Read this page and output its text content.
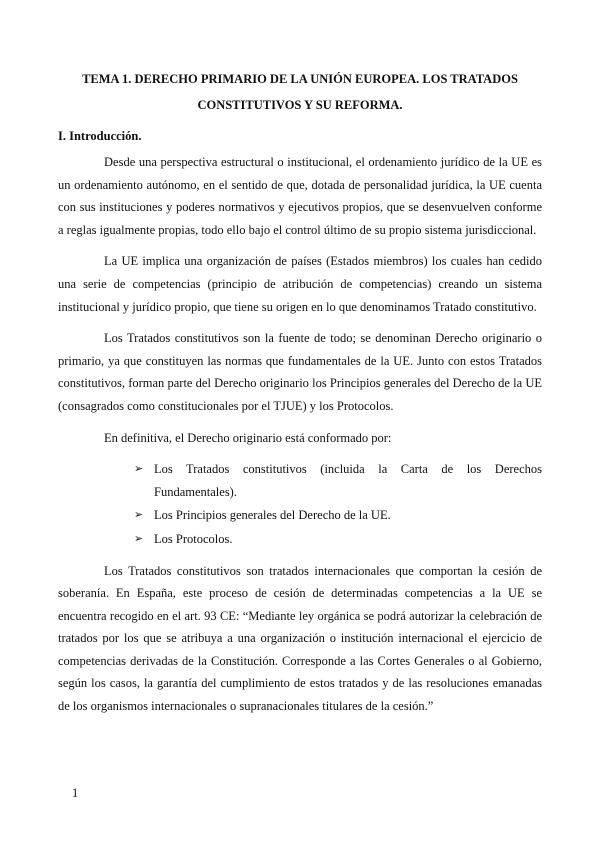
TEMA 1. DERECHO PRIMARIO DE LA UNIÓN EUROPEA. LOS TRATADOS CONSTITUTIVOS Y SU REFORMA.
I. Introducción.

Desde una perspectiva estructural o institucional, el ordenamiento jurídico de la UE es un ordenamiento autónomo, en el sentido de que, dotada de personalidad jurídica, la UE cuenta con sus instituciones y poderes normativos y ejecutivos propios, que se desenvuelven conforme a reglas igualmente propias, todo ello bajo el control último de su propio sistema jurisdiccional.

La UE implica una organización de países (Estados miembros) los cuales han cedido una serie de competencias (principio de atribución de competencias) creando un sistema institucional y jurídico propio, que tiene su origen en lo que denominamos Tratado constitutivo.

Los Tratados constitutivos son la fuente de todo; se denominan Derecho originario o primario, ya que constituyen las normas que fundamentales de la UE. Junto con estos Tratados constitutivos, forman parte del Derecho originario los Principios generales del Derecho de la UE (consagrados como constitucionales por el TJUE) y los Protocolos.

En definitiva, el Derecho originario está conformado por:

➢ Los Tratados constitutivos (incluida la Carta de los Derechos Fundamentales).
➢ Los Principios generales del Derecho de la UE.
➢ Los Protocolos.

Los Tratados constitutivos son tratados internacionales que comportan la cesión de soberanía. En España, este proceso de cesión de determinadas competencias a la UE se encuentra recogido en el art. 93 CE: “Mediante ley orgánica se podrá autorizar la celebración de tratados por los que se atribuya a una organización o institución internacional el ejercicio de competencias derivadas de la Constitución. Corresponde a las Cortes Generales o al Gobierno, según los casos, la garantía del cumplimiento de estos tratados y de las resoluciones emanadas de los organismos internacionales o supranacionales titulares de la cesión.”

1
